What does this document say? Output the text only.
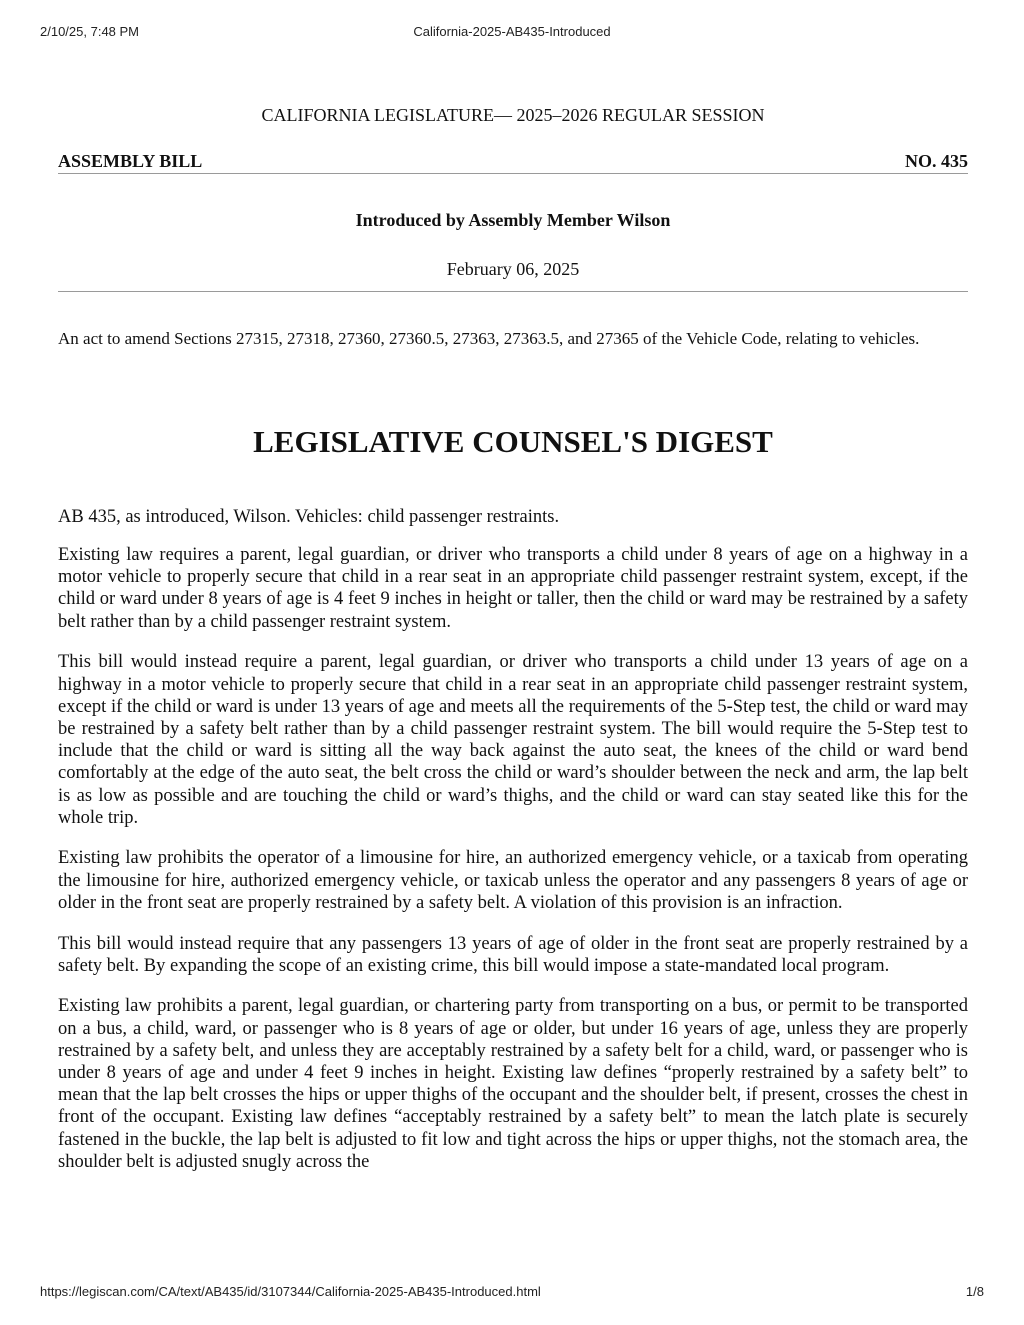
2/10/25, 7:48 PM	California-2025-AB435-Introduced
CALIFORNIA LEGISLATURE— 2025–2026 REGULAR SESSION
ASSEMBLY BILL	NO. 435
Introduced by Assembly Member Wilson
February 06, 2025
An act to amend Sections 27315, 27318, 27360, 27360.5, 27363, 27363.5, and 27365 of the Vehicle Code, relating to vehicles.
LEGISLATIVE COUNSEL'S DIGEST
AB 435, as introduced, Wilson. Vehicles: child passenger restraints.

Existing law requires a parent, legal guardian, or driver who transports a child under 8 years of age on a highway in a motor vehicle to properly secure that child in a rear seat in an appropriate child passenger restraint system, except, if the child or ward under 8 years of age is 4 feet 9 inches in height or taller, then the child or ward may be restrained by a safety belt rather than by a child passenger restraint system.

This bill would instead require a parent, legal guardian, or driver who transports a child under 13 years of age on a highway in a motor vehicle to properly secure that child in a rear seat in an appropriate child passenger restraint system, except if the child or ward is under 13 years of age and meets all the requirements of the 5-Step test, the child or ward may be restrained by a safety belt rather than by a child passenger restraint system. The bill would require the 5-Step test to include that the child or ward is sitting all the way back against the auto seat, the knees of the child or ward bend comfortably at the edge of the auto seat, the belt cross the child or ward’s shoulder between the neck and arm, the lap belt is as low as possible and are touching the child or ward’s thighs, and the child or ward can stay seated like this for the whole trip.

Existing law prohibits the operator of a limousine for hire, an authorized emergency vehicle, or a taxicab from operating the limousine for hire, authorized emergency vehicle, or taxicab unless the operator and any passengers 8 years of age or older in the front seat are properly restrained by a safety belt. A violation of this provision is an infraction.

This bill would instead require that any passengers 13 years of age of older in the front seat are properly restrained by a safety belt. By expanding the scope of an existing crime, this bill would impose a state-mandated local program.

Existing law prohibits a parent, legal guardian, or chartering party from transporting on a bus, or permit to be transported on a bus, a child, ward, or passenger who is 8 years of age or older, but under 16 years of age, unless they are properly restrained by a safety belt, and unless they are acceptably restrained by a safety belt for a child, ward, or passenger who is under 8 years of age and under 4 feet 9 inches in height. Existing law defines “properly restrained by a safety belt” to mean that the lap belt crosses the hips or upper thighs of the occupant and the shoulder belt, if present, crosses the chest in front of the occupant. Existing law defines “acceptably restrained by a safety belt” to mean the latch plate is securely fastened in the buckle, the lap belt is adjusted to fit low and tight across the hips or upper thighs, not the stomach area, the shoulder belt is adjusted snugly across the

https://legiscan.com/CA/text/AB435/id/3107344/California-2025-AB435-Introduced.html	1/8
